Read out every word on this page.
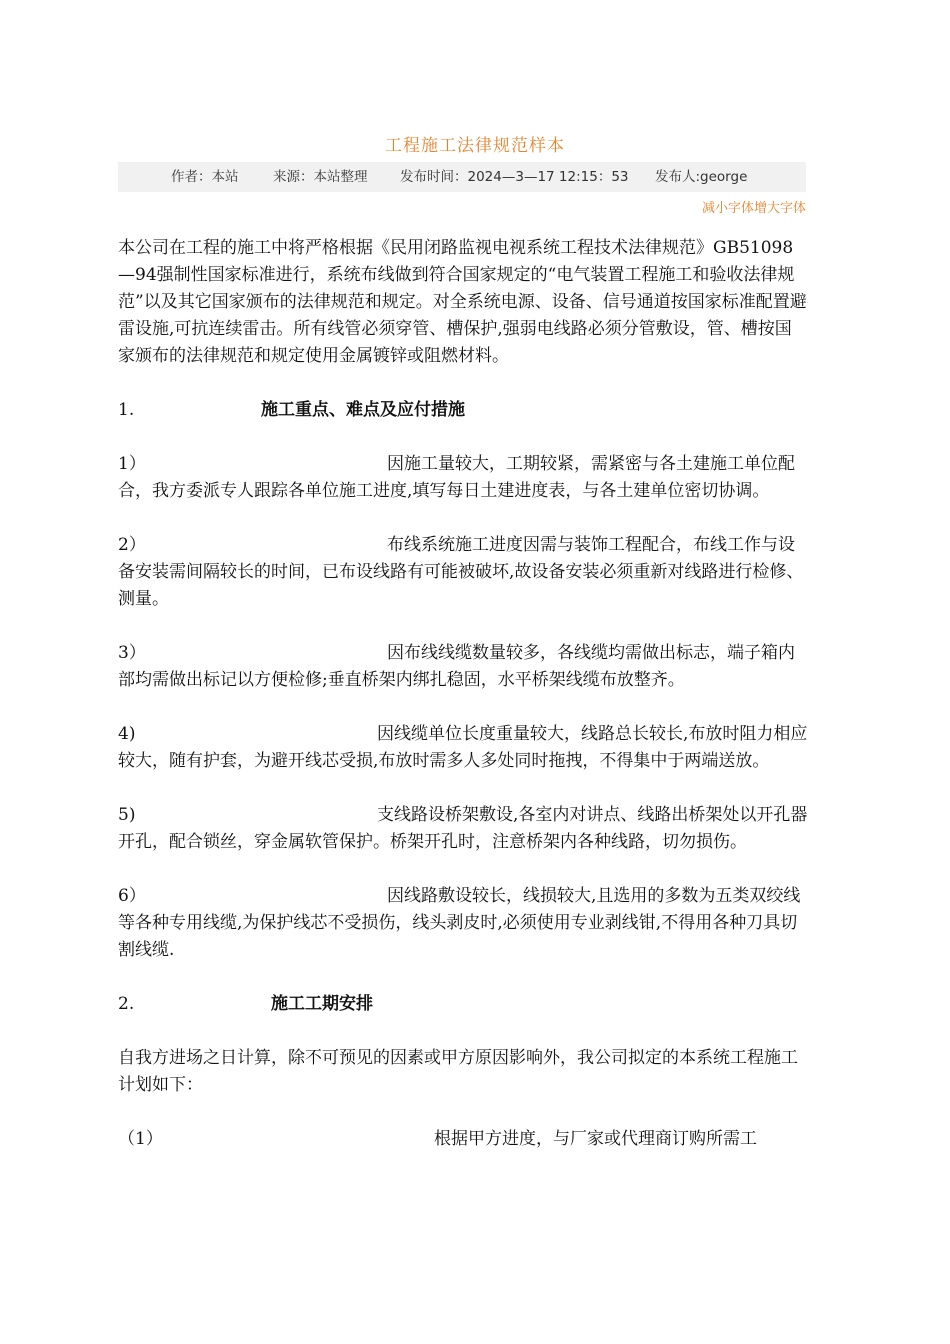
工程施工法律规范样本
作者：本站	来源：本站整理 发布时间：2024—3—17 12:15：53 发布人:george
减小字体增大字体

本公司在工程的施工中将严格根据《民用闭路监视电视系统工程技术法律规范》GB51098—94强制性国家标准进行，系统布线做到符合国家规定的“电气装置工程施工和验收法律规范”以及其它国家颁布的法律规范和规定。对全系统电源、设备、信号通道按国家标准配置避雷设施,可抗连续雷击。所有线管必须穿管、槽保护,强弱电线路必须分管敷设，管、槽按国家颁布的法律规范和规定使用金属镀锌或阻燃材料。

1.	施工重点、难点及应付措施

1）	因施工量较大，工期较紧，需紧密与各土建施工单位配合，我方委派专人跟踪各单位施工进度,填写每日土建进度表，与各土建单位密切协调。

2）	布线系统施工进度因需与装饰工程配合，布线工作与设备安装需间隔较长的时间，已布设线路有可能被破坏,故设备安装必须重新对线路进行检修、测量。

3）	因布线线缆数量较多，各线缆均需做出标志，端子箱内部均需做出标记以方便检修;垂直桥架内绑扎稳固，水平桥架线缆布放整齐。

4)	因线缆单位长度重量较大，线路总长较长,布放时阻力相应较大，随有护套，为避开线芯受损,布放时需多人多处同时拖拽，不得集中于两端送放。

5)	支线路设桥架敷设,各室内对讲点、线路出桥架处以开孔器开孔，配合锁丝，穿金属软管保护。桥架开孔时，注意桥架内各种线路，切勿损伤。

6）	因线路敷设较长，线损较大,且选用的多数为五类双绞线等各种专用线缆,为保护线芯不受损伤，线头剥皮时,必须使用专业剥线钳,不得用各种刀具切割线缆.

2.	施工工期安排

自我方进场之日计算，除不可预见的因素或甲方原因影响外，我公司拟定的本系统工程施工计划如下：

（1）	根据甲方进度，与厂家或代理商订购所需工
